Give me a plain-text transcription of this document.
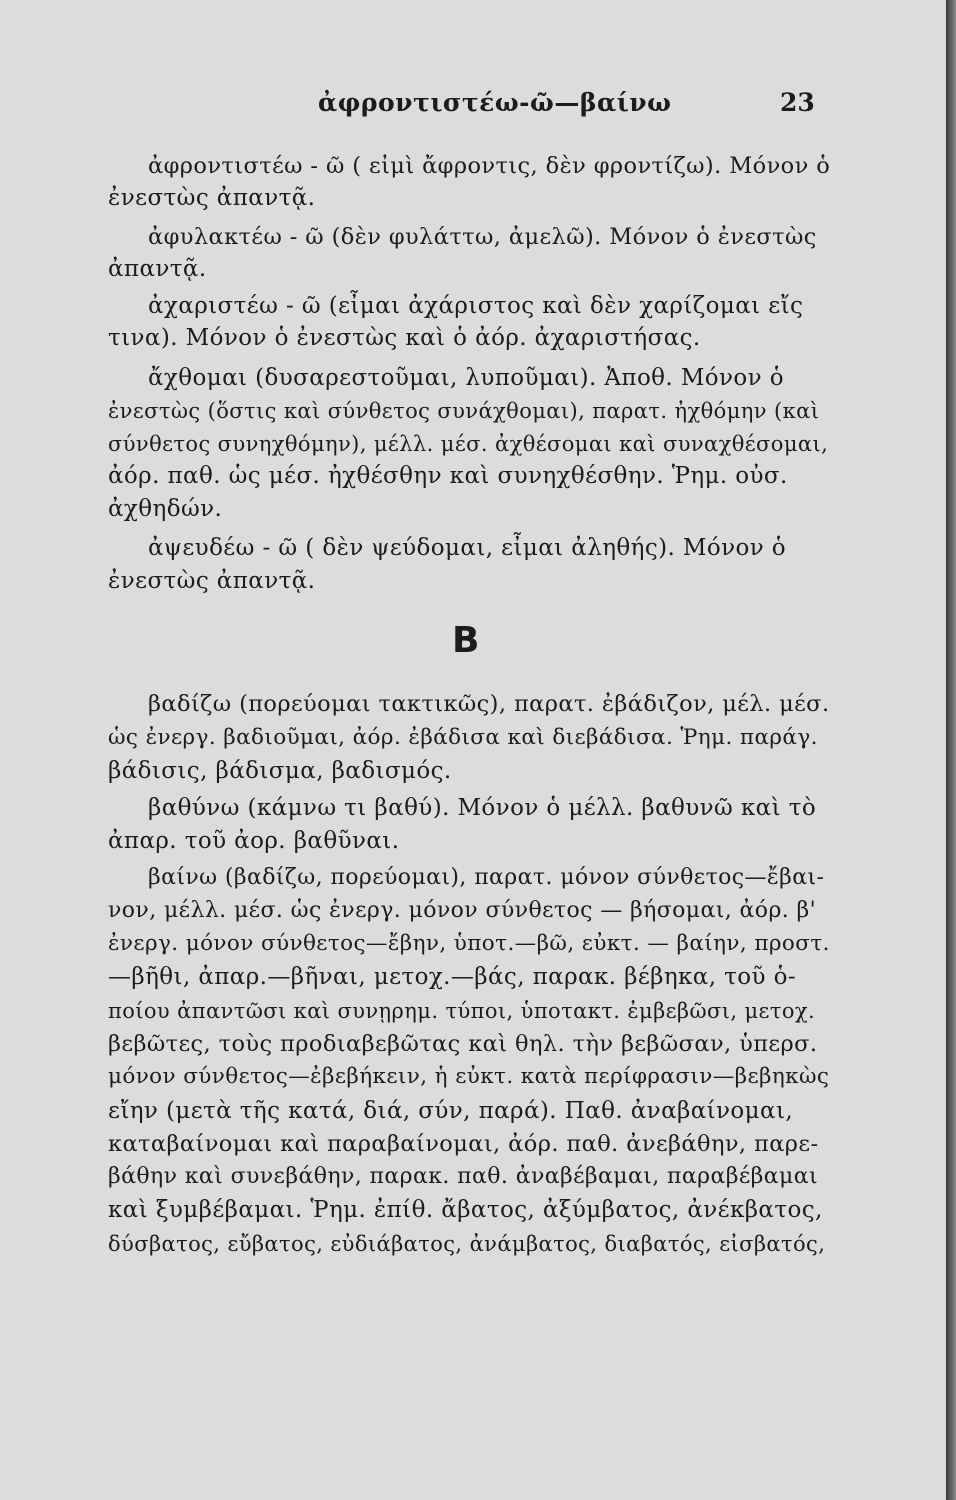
ἀφροντιστέω-ῶ—βαίνω	23
ἀφροντιστέω - ῶ ( εἰμὶ ἄφροντις, δὲν φροντίζω). Μόνον ὁ
ἐνεστὼς ἀπαντᾷ.
ἀφυλακτέω - ῶ (δὲν φυλάττω, ἀμελῶ). Μόνον ὁ ἐνεστὼς
ἀπαντᾷ.
ἀχαριστέω - ῶ (εἶμαι ἀχάριστος καὶ δὲν χαρίζομαι εἴς
τινα). Μόνον ὁ ἐνεστὼς καὶ ὁ ἀόρ. ἀχαριστήσας.
ἄχθομαι (δυσαρεστοῦμαι, λυποῦμαι). Ἀποθ. Μόνον ὁ
ἐνεστὼς (ὅστις καὶ σύνθετος συνάχθομαι), παρατ. ἠχθόμην (καὶ
σύνθετος συνηχθόμην), μέλλ. μέσ. ἀχθέσομαι καὶ συναχθέσομαι,
ἀόρ. παθ. ὡς μέσ. ἠχθέσθην καὶ συνηχθέσθην. Ῥημ. οὐσ.
ἀχθηδών.
ἀψευδέω - ῶ ( δὲν ψεύδομαι, εἶμαι ἀληθής). Μόνον ὁ
ἐνεστὼς ἀπαντᾷ.
Β
βαδίζω (πορεύομαι τακτικῶς), παρατ. ἐβάδιζον, μέλ. μέσ.
ὡς ἐνεργ. βαδιοῦμαι, ἀόρ. ἐβάδισα καὶ διεβάδισα. Ῥημ. παράγ.
βάδισις, βάδισμα, βαδισμός.
βαθύνω (κάμνω τι βαθύ). Μόνον ὁ μέλλ. βαθυνῶ καὶ τὸ
ἀπαρ. τοῦ ἀορ. βαθῦναι.
βαίνω (βαδίζω, πορεύομαι), παρατ. μόνον σύνθετος—ἔβαι-
νον, μέλλ. μέσ. ὡς ἐνεργ. μόνον σύνθετος — βήσομαι, ἀόρ. β'
ἐνεργ. μόνον σύνθετος—ἔβην, ὑποτ.—βῶ, εὐκτ. — βαίην, προστ.
—βῆθι, ἀπαρ.—βῆναι, μετοχ.—βάς, παρακ. βέβηκα, τοῦ ὁ-
ποίου ἀπαντῶσι καὶ συνῃρημ. τύποι, ὑποτακτ. ἐμβεβῶσι, μετοχ.
βεβῶτες, τοὺς προδιαβεβῶτας καὶ θηλ. τὴν βεβῶσαν, ὑπερσ.
μόνον σύνθετος—ἐβεβήκειν, ἡ εὐκτ. κατὰ περίφρασιν—βεβηκὼς
εἴην (μετὰ τῆς κατά, διά, σύν, παρά). Παθ. ἀναβαίνομαι,
καταβαίνομαι καὶ παραβαίνομαι, ἀόρ. παθ. ἀνεβάθην, παρε-
βάθην καὶ συνεβάθην, παρακ. παθ. ἀναβέβαμαι, παραβέβαμαι
καὶ ξυμβέβαμαι. Ῥημ. ἐπίθ. ἄβατος, ἀξύμβατος, ἀνέκβατος,
δύσβατος, εὔβατος, εὐδιάβατος, ἀνάμβατος, διαβατός, εἰσβατός,
